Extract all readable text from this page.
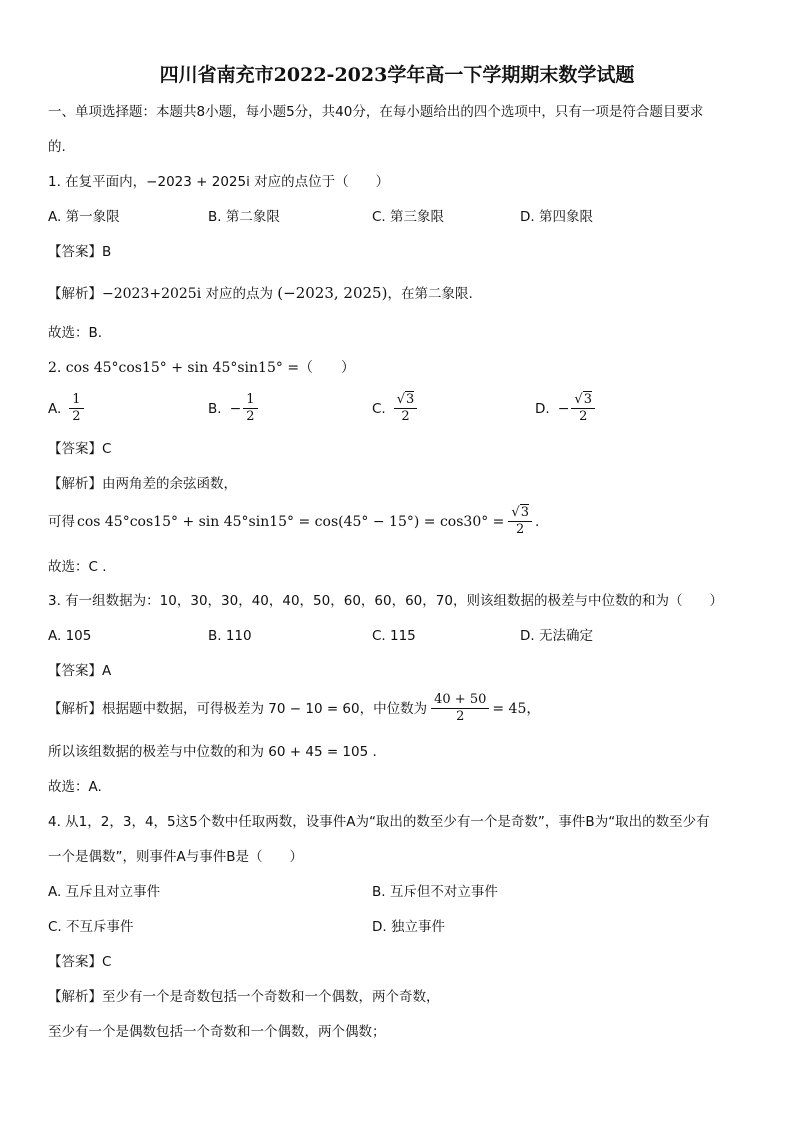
四川省南充市2022-2023学年高一下学期期末数学试题
一、单项选择题：本题共8小题，每小题5分，共40分，在每小题给出的四个选项中，只有一项是符合题目要求
的.
1. 在复平面内，−2023 + 2025i 对应的点位于（　　）
A. 第一象限	B. 第二象限	C. 第三象限	D. 第四象限
【答案】B
【解析】−2023+2025i 对应的点为 (−2023, 2025)，在第二象限.
故选：B.
2. cos 45°cos15° + sin 45°sin15° =（　　）
A. $\frac{1}{2}$	B. − $\frac{1}{2}$	C. $\frac{√3}{2}$	D. − $\frac{√3}{2}$
【答案】C
【解析】由两角差的余弦函数，
可得 $\cos 45^\circ\cos 15^\circ + \sin 45^\circ\sin 15^\circ = \cos(45^\circ - 15^\circ) = \cos 30^\circ = \frac{√3}{2}$ .
故选：C .
3. 有一组数据为：10，30，30，40，40，50，60，60，60，70，则该组数据的极差与中位数的和为（　　）
A. 105	B. 110	C. 115	D. 无法确定
【答案】A
【解析】 根据题中数据，可得极差为 70 − 10 = 60，中位数为 $\frac{40 + 50}{2} = 45$，
所以该组数据的极差与中位数的和为 60 + 45 = 105 .
故选：A.
4. 从1，2，3，4，5这5个数中任取两数，设事件A为“取出的数至少有一个是奇数”，事件B为“取出的数至少有
一个是偶数”，则事件A与事件B是（　　）
A. 互斥且对立事件	B. 互斥但不对立事件
C. 不互斥事件	D. 独立事件
【答案】C
【解析】至少有一个是奇数包括一个奇数和一个偶数，两个奇数，
至少有一个是偶数包括一个奇数和一个偶数，两个偶数；
